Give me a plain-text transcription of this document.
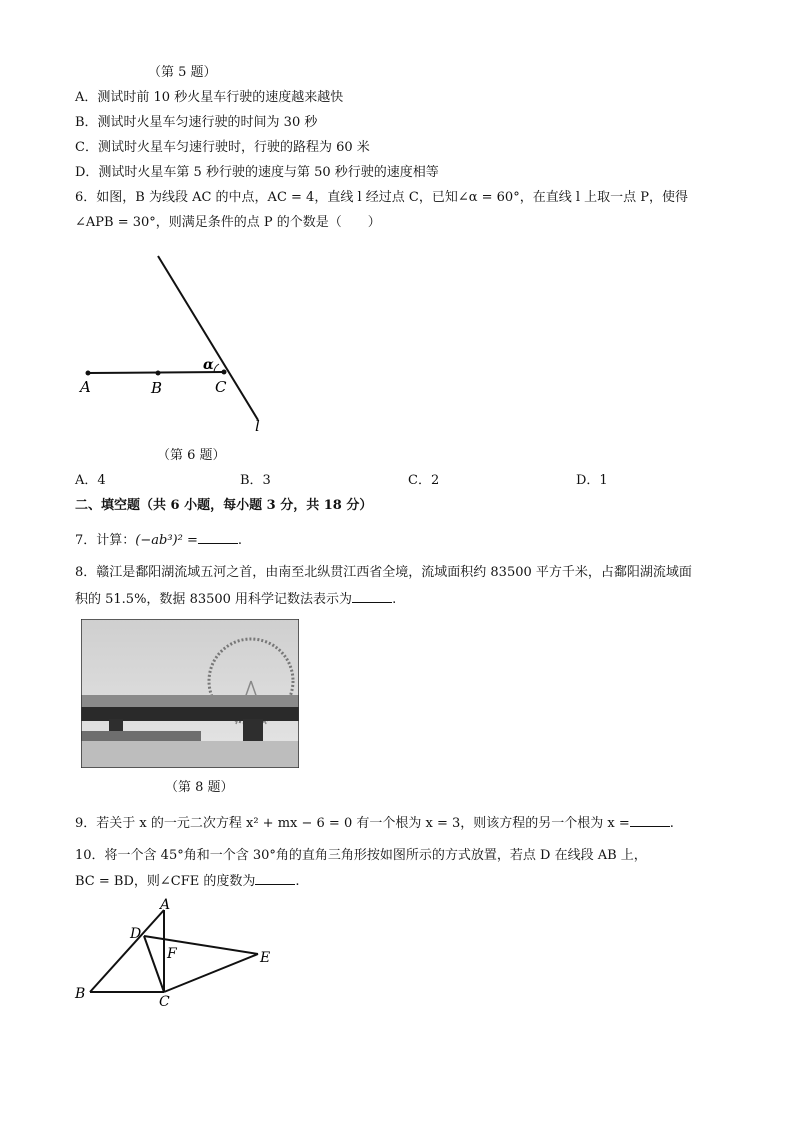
（第 5 题）
A．测试时前 10 秒火星车行驶的速度越来越快
B．测试时火星车匀速行驶的时间为 30 秒
C．测试时火星车匀速行驶时，行驶的路程为 60 米
D．测试时火星车第 5 秒行驶的速度与第 50 秒行驶的速度相等
6．如图，B 为线段 AC 的中点，AC = 4，直线 l 经过点 C，已知∠α = 60°，在直线 l 上取一点 P，使得
∠APB = 30°，则满足条件的点 P 的个数是（　　）
A	B	C
α
l
（第 6 题）
A．4	B．3	C．2	D．1
二、填空题（共 6 小题，每小题 3 分，共 18 分）
7．计算：(−ab³)² =	.
8．赣江是鄱阳湖流域五河之首，由南至北纵贯江西省全境，流域面积约 83500 平方千米，占鄱阳湖流域面
积的 51.5%，数据 83500 用科学记数法表示为	.
（第 8 题）
9．若关于 x 的一元二次方程 x² + mx − 6 = 0 有一个根为 x = 3，则该方程的另一个根为 x =	.
10．将一个含 45°角和一个含 30°角的直角三角形按如图所示的方式放置，若点 D 在线段 AB 上，
BC = BD，则∠CFE 的度数为	.
A
B	C
D
E
F
